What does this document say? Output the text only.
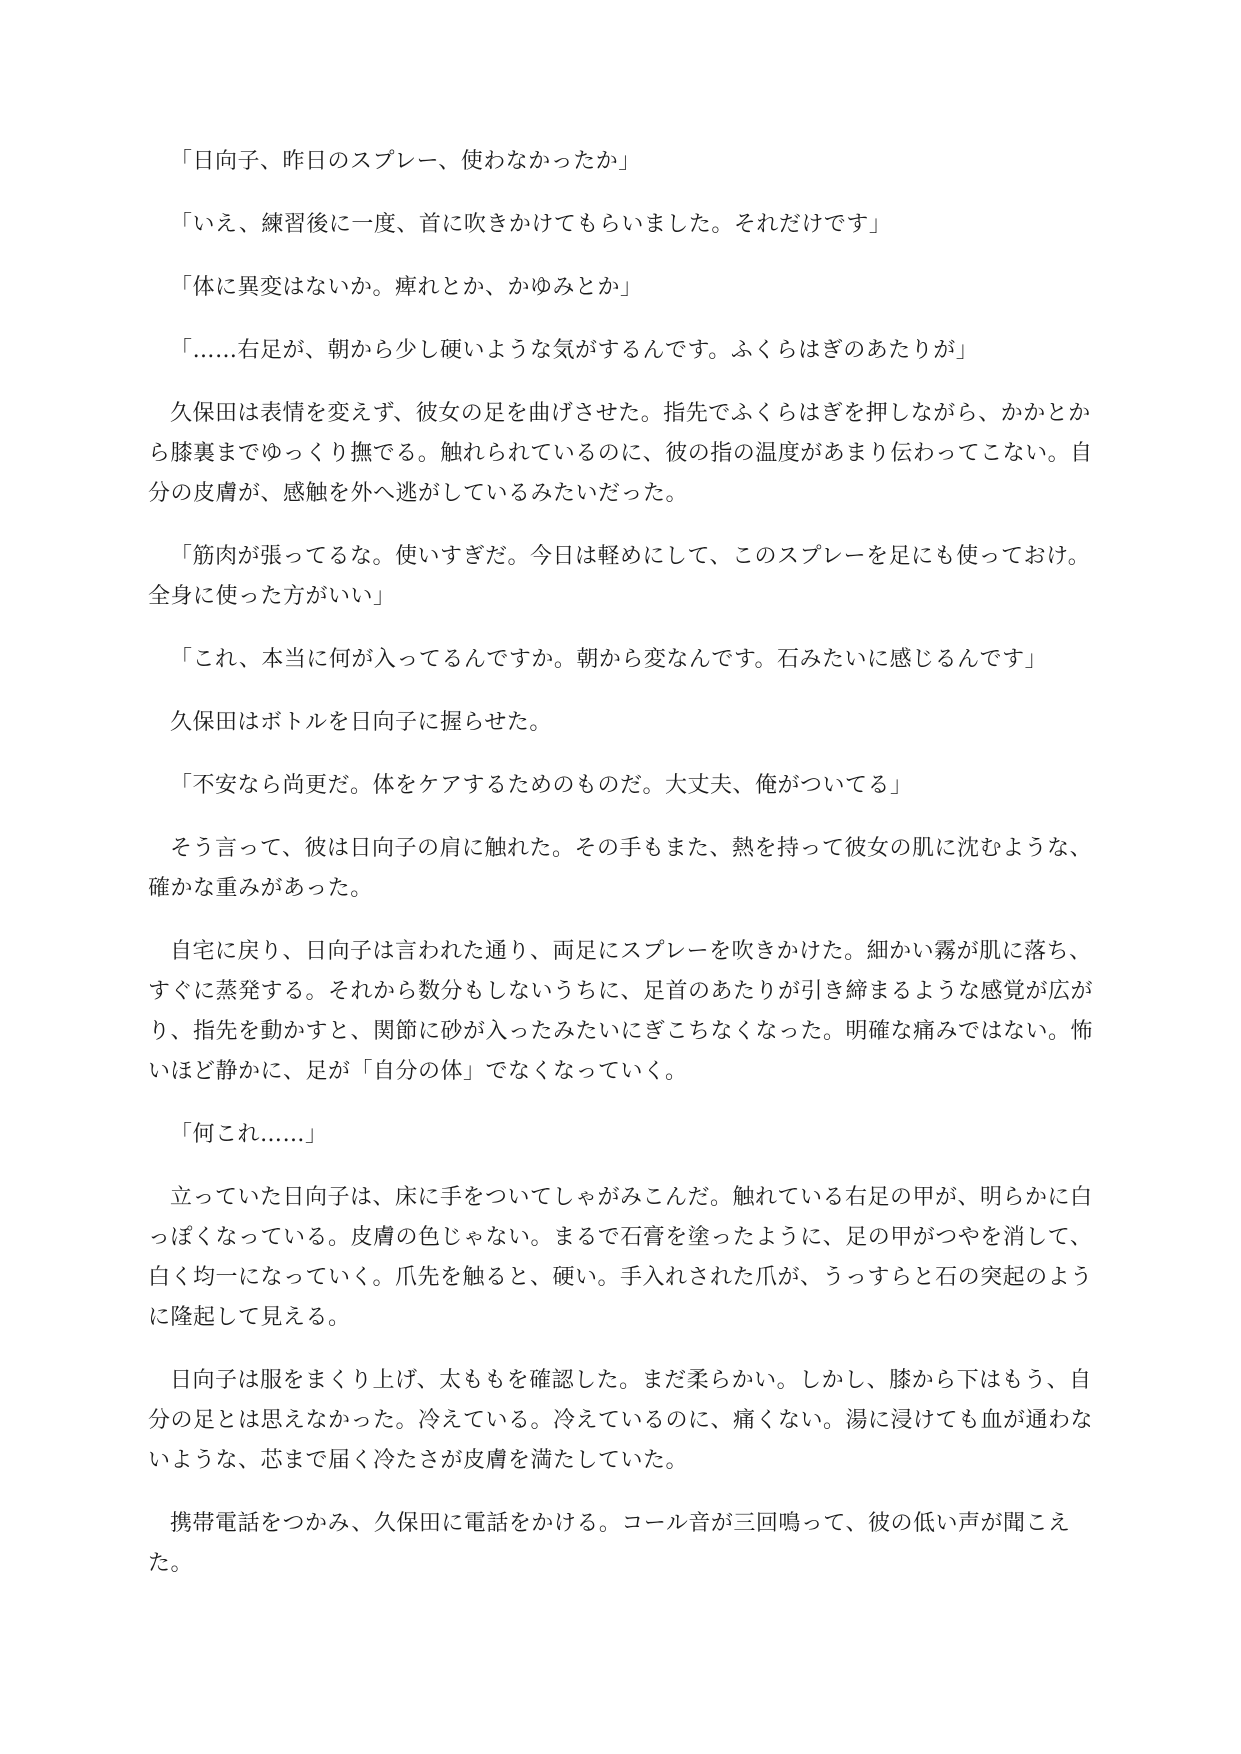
「日向子、昨日のスプレー、使わなかったか」

「いえ、練習後に一度、首に吹きかけてもらいました。それだけです」

「体に異変はないか。痺れとか、かゆみとか」

「……右足が、朝から少し硬いような気がするんです。ふくらはぎのあたりが」

久保田は表情を変えず、彼女の足を曲げさせた。指先でふくらはぎを押しながら、かかとから膝裏までゆっくり撫でる。触れられているのに、彼の指の温度があまり伝わってこない。自分の皮膚が、感触を外へ逃がしているみたいだった。

「筋肉が張ってるな。使いすぎだ。今日は軽めにして、このスプレーを足にも使っておけ。全身に使った方がいい」

「これ、本当に何が入ってるんですか。朝から変なんです。石みたいに感じるんです」

久保田はボトルを日向子に握らせた。

「不安なら尚更だ。体をケアするためのものだ。大丈夫、俺がついてる」

そう言って、彼は日向子の肩に触れた。その手もまた、熱を持って彼女の肌に沈むような、確かな重みがあった。

自宅に戻り、日向子は言われた通り、両足にスプレーを吹きかけた。細かい霧が肌に落ち、すぐに蒸発する。それから数分もしないうちに、足首のあたりが引き締まるような感覚が広がり、指先を動かすと、関節に砂が入ったみたいにぎこちなくなった。明確な痛みではない。怖いほど静かに、足が「自分の体」でなくなっていく。

「何これ……」

立っていた日向子は、床に手をついてしゃがみこんだ。触れている右足の甲が、明らかに白っぽくなっている。皮膚の色じゃない。まるで石膏を塗ったように、足の甲がつやを消して、白く均一になっていく。爪先を触ると、硬い。手入れされた爪が、うっすらと石の突起のように隆起して見える。

日向子は服をまくり上げ、太ももを確認した。まだ柔らかい。しかし、膝から下はもう、自分の足とは思えなかった。冷えている。冷えているのに、痛くない。湯に浸けても血が通わないような、芯まで届く冷たさが皮膚を満たしていた。

携帯電話をつかみ、久保田に電話をかける。コール音が三回鳴って、彼の低い声が聞こえた。
